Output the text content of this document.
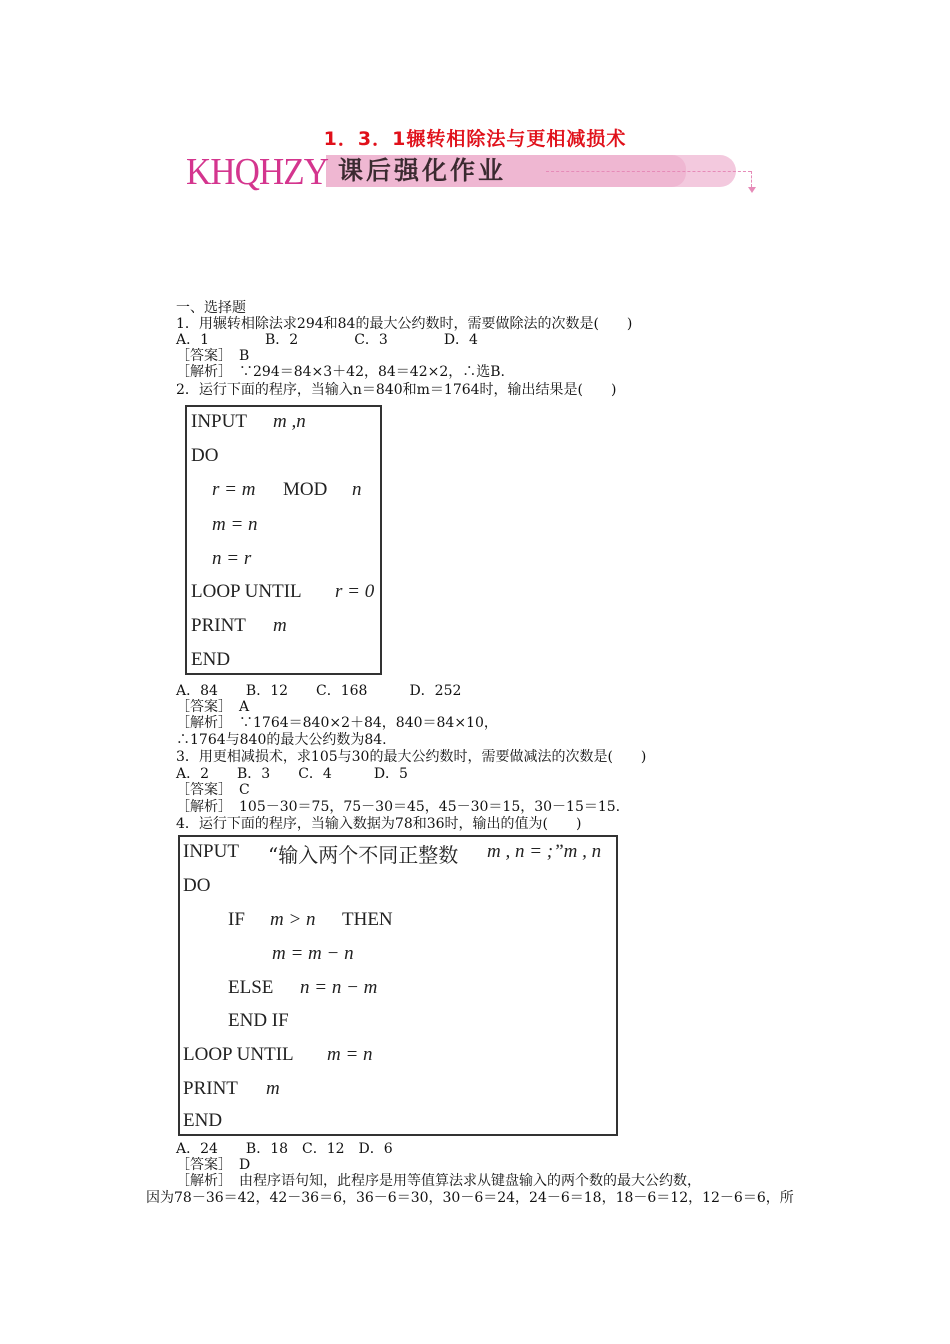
1．3．1辗转相除法与更相减损术
课后强化作业
KHQHZY
一、选择题
1．用辗转相除法求294和84的最大公约数时，需要做除法的次数是(　　)
A．1　　　　B．2　　　　C．3　　　　D．4
［答案］　B
［解析］　∵294＝84×3＋42，84＝42×2，∴选B.
2．运行下面的程序，当输入n＝840和m＝1764时，输出结果是(　　)
INPUT m ,n
DO
r = m MOD n
m = n
n = r
LOOP UNTIL r = 0
PRINT m
END
A．84　　B．12　　C．168　　　D．252
［答案］　A
［解析］　∵1764＝840×2＋84，840＝84×10，
∴1764与840的最大公约数为84.
3．用更相减损术，求105与30的最大公约数时，需要做减法的次数是(　　)
A．2　　B．3　　C．4　　　D．5
［答案］　C
［解析］　105－30＝75，75－30＝45，45－30＝15，30－15＝15.
4．运行下面的程序，当输入数据为78和36时，输出的值为(　　)
INPUT “输入两个不同正整数 m , n = ;”m , n
DO
IF m > n THEN
m = m − n
ELSE n = n − m
END IF
LOOP UNTIL m = n
PRINT m
END
A．24　　B．18　C．12　D．6
［答案］　D
［解析］　由程序语句知，此程序是用等值算法求从键盘输入的两个数的最大公约数，
因为78－36＝42，42－36＝6，36－6＝30，30－6＝24，24－6＝18，18－6＝12，12－6＝6，所
